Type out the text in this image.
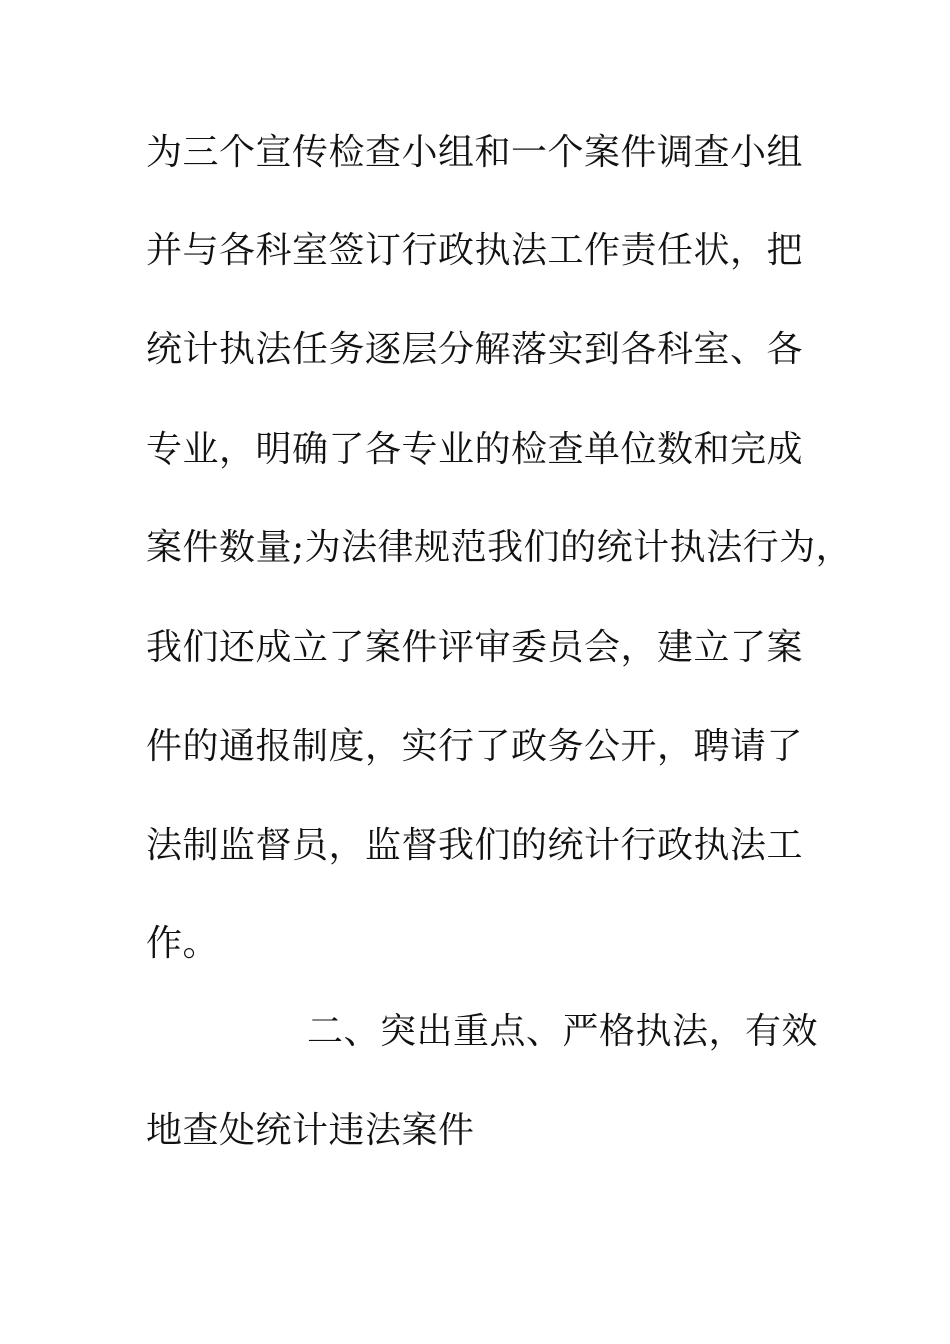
为三个宣传检查小组和一个案件调查小组
并与各科室签订行政执法工作责任状，把
统计执法任务逐层分解落实到各科室、各
专业，明确了各专业的检查单位数和完成
案件数量;为法律规范我们的统计执法行为，
我们还成立了案件评审委员会，建立了案
件的通报制度，实行了政务公开，聘请了
法制监督员，监督我们的统计行政执法工
作。
二、突出重点、严格执法，有效
地查处统计违法案件
